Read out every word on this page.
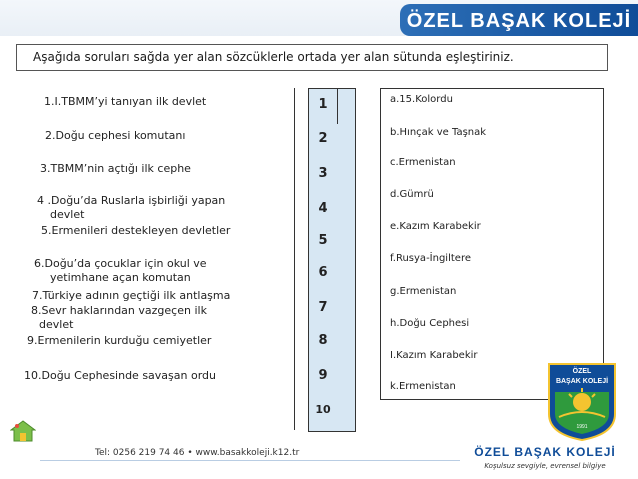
ÖZEL BAŞAK KOLEJİ
Aşağıda soruları sağda yer alan sözcüklerle ortada yer alan sütunda eşleştiriniz.
1.I.TBMM’yi tanıyan ilk devlet
2.Doğu cephesi komutanı
3.TBMM’nin açtığı ilk cephe
4 .Doğu’da Ruslarla işbirliği yapan
devlet
5.Ermenileri destekleyen devletler
6.Doğu’da çocuklar için okul ve
yetimhane açan komutan
7.Türkiye adının geçtiği ilk antlaşma
8.Sevr haklarından vazgeçen ilk
devlet
9.Ermenilerin kurduğu cemiyetler
10.Doğu Cephesinde savaşan ordu
1
2
3
4
5
6
7
8
9
10
a.15.Kolordu
b.Hınçak ve Taşnak
c.Ermenistan
d.Gümrü
e.Kazım Karabekir
f.Rusya-İngiltere
g.Ermenistan
h.Doğu Cephesi
I.Kazım Karabekir
k.Ermenistan
Tel: 0256 219 74 46 • www.basakkoleji.k12.tr
ÖZEL
BAŞAK KOLEJİ
1991
ÖZEL BAŞAK KOLEJİ
Koşulsuz sevgiyle, evrensel bilgiye
